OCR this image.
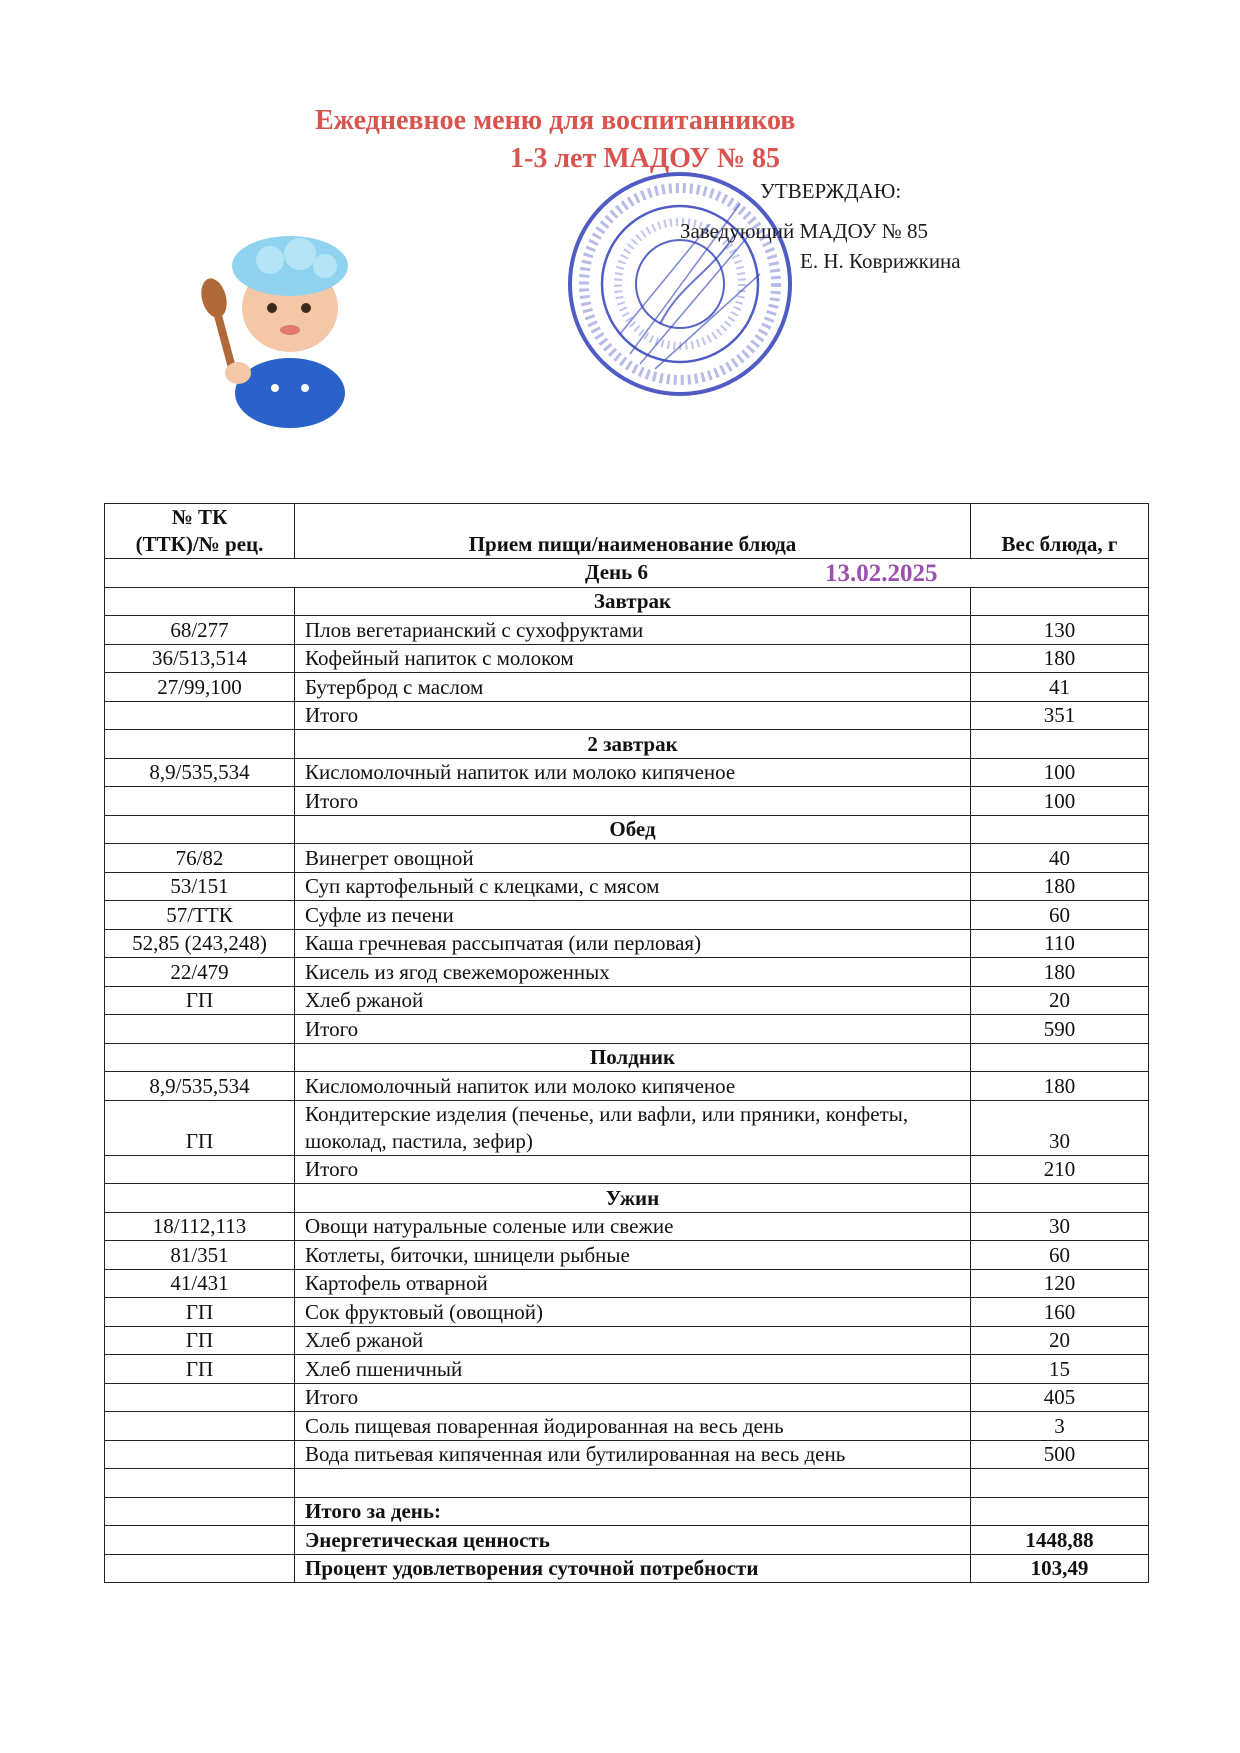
Ежедневное меню для воспитанников
1-3 лет МАДОУ № 85
УТВЕРЖДАЮ:
Заведующий МАДОУ № 85
Е. Н. Коврижкина
№ ТК
(ТТК)/№ рец.	Прием пищи/наименование блюда	Вес блюда, г

День 6 13.02.2025		

	Завтрак	
68/277	Плов вегетарианский с сухофруктами	130
36/513,514	Кофейный напиток с молоком	180
27/99,100	Бутерброд с маслом	41
	Итого	351
	2 завтрак	
8,9/535,534	Кисломолочный напиток или молоко кипяченое	100
	Итого	100
	Обед	
76/82	Винегрет овощной	40
53/151	Суп картофельный с клецками, с мясом	180
57/ТТК	Суфле из печени	60
52,85 (243,248)	Каша гречневая рассыпчатая (или перловая)	110
22/479	Кисель из ягод свежемороженных	180
ГП	Хлеб ржаной	20
	Итого	590
	Полдник	
8,9/535,534	Кисломолочный напиток или молоко кипяченое	180
ГП	Кондитерские изделия (печенье, или вафли, или пряники, конфеты, шоколад, пастила, зефир)	30
	Итого	210
	Ужин	
18/112,113	Овощи натуральные соленые или свежие	30
81/351	Котлеты, биточки, шницели рыбные	60
41/431	Картофель отварной	120
ГП	Сок фруктовый (овощной)	160
ГП	Хлеб ржаной	20
ГП	Хлеб пшеничный	15
	Итого	405
	Соль пищевая поваренная йодированная на весь день	3
	Вода питьевая кипяченная или бутилированная на весь день	500

	Итого за день:	
	Энергетическая ценность	1448,88
	Процент удовлетворения суточной потребности	103,49
